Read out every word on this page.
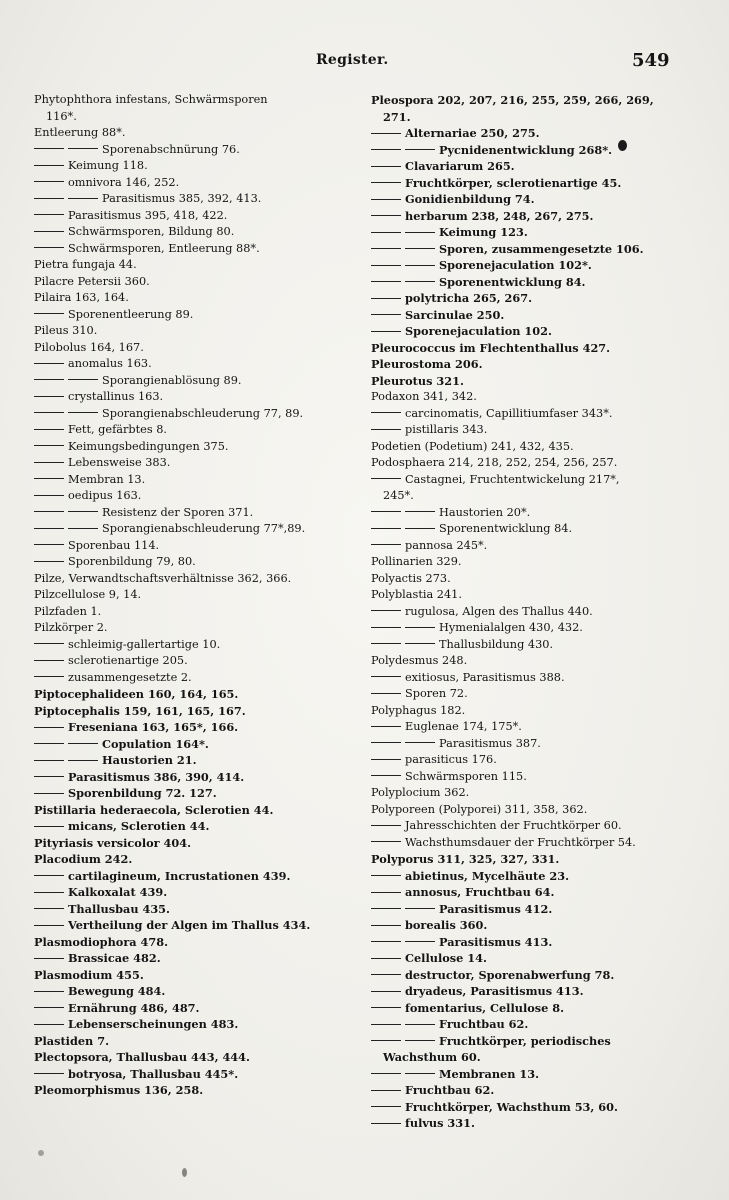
Register.	549
Phytophthora infestans, Schwärmsporen
116*.
Entleerung 88*.
Sporenabschnürung 76.
Keimung 118.
omnivora 146, 252.
Parasitismus 385, 392, 413.
Parasitismus 395, 418, 422.
Schwärmsporen, Bildung 80.
Schwärmsporen, Entleerung 88*.
Pietra fungaja 44.
Pilacre Petersii 360.
Pilaira 163, 164.
Sporenentleerung 89.
Pileus 310.
Pilobolus 164, 167.
anomalus 163.
Sporangienablösung 89.
crystallinus 163.
Sporangienabschleuderung 77, 89.
Fett, gefärbtes 8.
Keimungsbedingungen 375.
Lebensweise 383.
Membran 13.
oedipus 163.
Resistenz der Sporen 371.
Sporangienabschleuderung 77*,89.
Sporenbau 114.
Sporenbildung 79, 80.
Pilze, Verwandtschaftsverhältnisse 362, 366.
Pilzcellulose 9, 14.
Pilzfaden 1.
Pilzkörper 2.
schleimig-gallertartige 10.
sclerotienartige 205.
zusammengesetzte 2.
Piptocephalideen 160, 164, 165.
Piptocephalis 159, 161, 165, 167.
Freseniana 163, 165*, 166.
Copulation 164*.
Haustorien 21.
Parasitismus 386, 390, 414.
Sporenbildung 72. 127.
Pistillaria hederaecola, Sclerotien 44.
micans, Sclerotien 44.
Pityriasis versicolor 404.
Placodium 242.
cartilagineum, Incrustationen 439.
Kalkoxalat 439.
Thallusbau 435.
Vertheilung der Algen im Thallus 434.
Plasmodiophora 478.
Brassicae 482.
Plasmodium 455.
Bewegung 484.
Ernährung 486, 487.
Lebenserscheinungen 483.
Plastiden 7.
Plectopsora, Thallusbau 443, 444.
botryosa, Thallusbau 445*.
Pleomorphismus 136, 258.
Pleospora 202, 207, 216, 255, 259, 266, 269,
271.
Alternariae 250, 275.
Pycnidenentwicklung 268*.
Clavariarum 265.
Fruchtkörper, sclerotienartige 45.
Gonidienbildung 74.
herbarum 238, 248, 267, 275.
Keimung 123.
Sporen, zusammengesetzte 106.
Sporenejaculation 102*.
Sporenentwicklung 84.
polytricha 265, 267.
Sarcinulae 250.
Sporenejaculation 102.
Pleurococcus im Flechtenthallus 427.
Pleurostoma 206.
Pleurotus 321.
Podaxon 341, 342.
carcinomatis, Capillitiumfaser 343*.
pistillaris 343.
Podetien (Podetium) 241, 432, 435.
Podosphaera 214, 218, 252, 254, 256, 257.
Castagnei, Fruchtentwickelung 217*,
245*.
Haustorien 20*.
Sporenentwicklung 84.
pannosa 245*.
Pollinarien 329.
Polyactis 273.
Polyblastia 241.
rugulosa, Algen des Thallus 440.
Hymenialalgen 430, 432.
Thallusbildung 430.
Polydesmus 248.
exitiosus, Parasitismus 388.
Sporen 72.
Polyphagus 182.
Euglenae 174, 175*.
Parasitismus 387.
parasiticus 176.
Schwärmsporen 115.
Polyplocium 362.
Polyporeen (Polyporei) 311, 358, 362.
Jahresschichten der Fruchtkörper 60.
Wachsthumsdauer der Fruchtkörper 54.
Polyporus 311, 325, 327, 331.
abietinus, Mycelhäute 23.
annosus, Fruchtbau 64.
Parasitismus 412.
borealis 360.
Parasitismus 413.
Cellulose 14.
destructor, Sporenabwerfung 78.
dryadeus, Parasitismus 413.
fomentarius, Cellulose 8.
Fruchtbau 62.
Fruchtkörper, periodisches
Wachsthum 60.
Membranen 13.
Fruchtbau 62.
Fruchtkörper, Wachsthum 53, 60.
fulvus 331.
